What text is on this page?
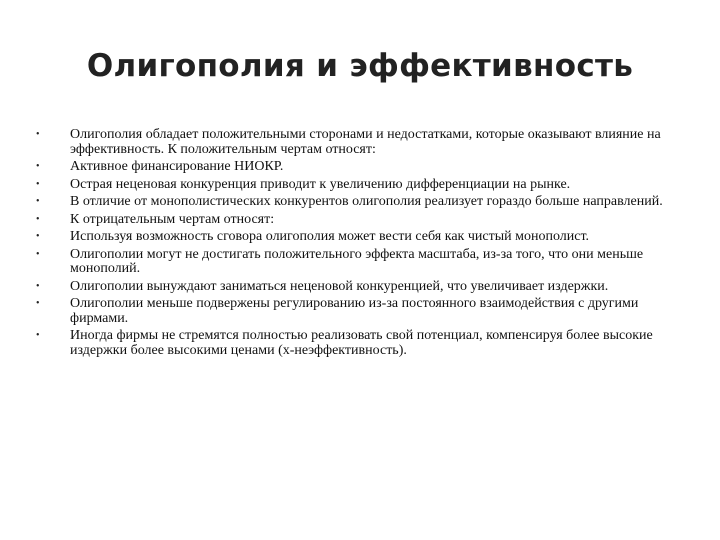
Олигополия и эффективность
•	Олигополия обладает положительными сторонами и недостатками, которые оказывают влияние на эффективность. К положительным чертам относят:
•	Активное финансирование НИОКР.
•	Острая неценовая конкуренция приводит к увеличению дифференциации на рынке.
•	В отличие от монополистических конкурентов олигополия реализует гораздо больше направлений.
•	К отрицательным чертам относят:
•	Используя возможность сговора олигополия может вести себя как чистый монополист.
•	Олигополии могут не достигать положительного эффекта масштаба, из-за того, что они меньше монополий.
•	Олигополии вынуждают заниматься неценовой конкуренцией, что увеличивает издержки.
•	Олигополии меньше подвержены регулированию из-за постоянного взаимодействия с другими фирмами.
•	Иногда фирмы не стремятся полностью реализовать свой потенциал, компенсируя более высокие издержки более высокими ценами (x-неэффективность).
